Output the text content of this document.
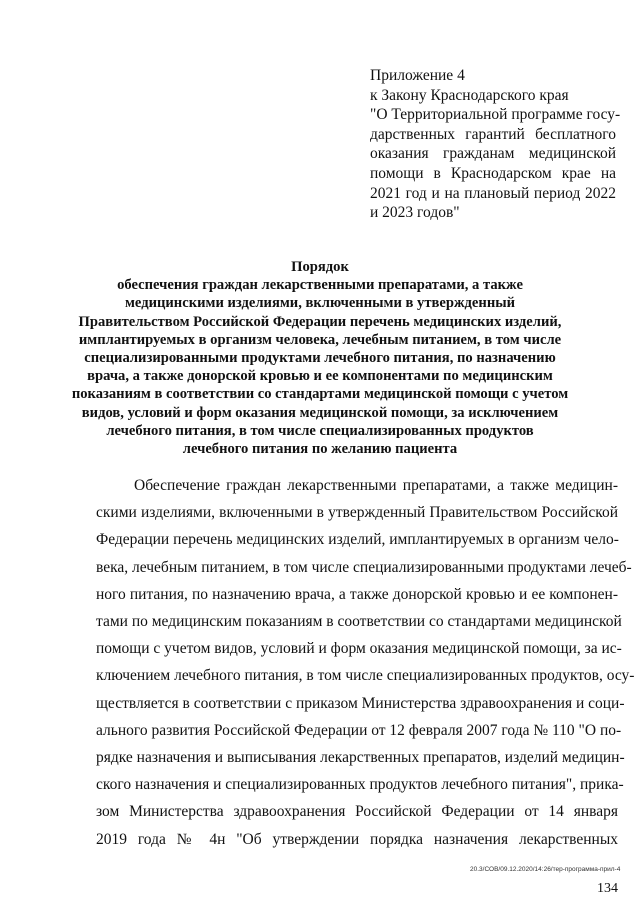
Приложение 4
к Закону Краснодарского края
"О Территориальной программе госу-
дарственных гарантий бесплатного
оказания гражданам медицинской
помощи в Краснодарском крае на
2021 год и на плановый период 2022
и 2023 годов"
Порядок
обеспечения граждан лекарственными препаратами, а также
медицинскими изделиями, включенными в утвержденный
Правительством Российской Федерации перечень медицинских изделий,
имплантируемых в организм человека, лечебным питанием, в том числе
специализированными продуктами лечебного питания, по назначению
врача, а также донорской кровью и ее компонентами по медицинским
показаниям в соответствии со стандартами медицинской помощи с учетом
видов, условий и форм оказания медицинской помощи, за исключением
лечебного питания, в том числе специализированных продуктов
лечебного питания по желанию пациента
Обеспечение граждан лекарственными препаратами, а также медицин-
скими изделиями, включенными в утвержденный Правительством Российской
Федерации перечень медицинских изделий, имплантируемых в организм чело-
века, лечебным питанием, в том числе специализированными продуктами лечеб-
ного питания, по назначению врача, а также донорской кровью и ее компонен-
тами по медицинским показаниям в соответствии со стандартами медицинской
помощи с учетом видов, условий и форм оказания медицинской помощи, за ис-
ключением лечебного питания, в том числе специализированных продуктов, осу-
ществляется в соответствии с приказом Министерства здравоохранения и соци-
ального развития Российской Федерации от 12 февраля 2007 года № 110 "О по-
рядке назначения и выписывания лекарственных препаратов, изделий медицин-
ского назначения и специализированных продуктов лечебного питания", прика-
зом Министерства здравоохранения Российской Федерации от 14 января
2019 года № 4н "Об утверждении порядка назначения лекарственных
20.3/СОВ/09.12.2020/14:26/тер-программа-прил-4
134
